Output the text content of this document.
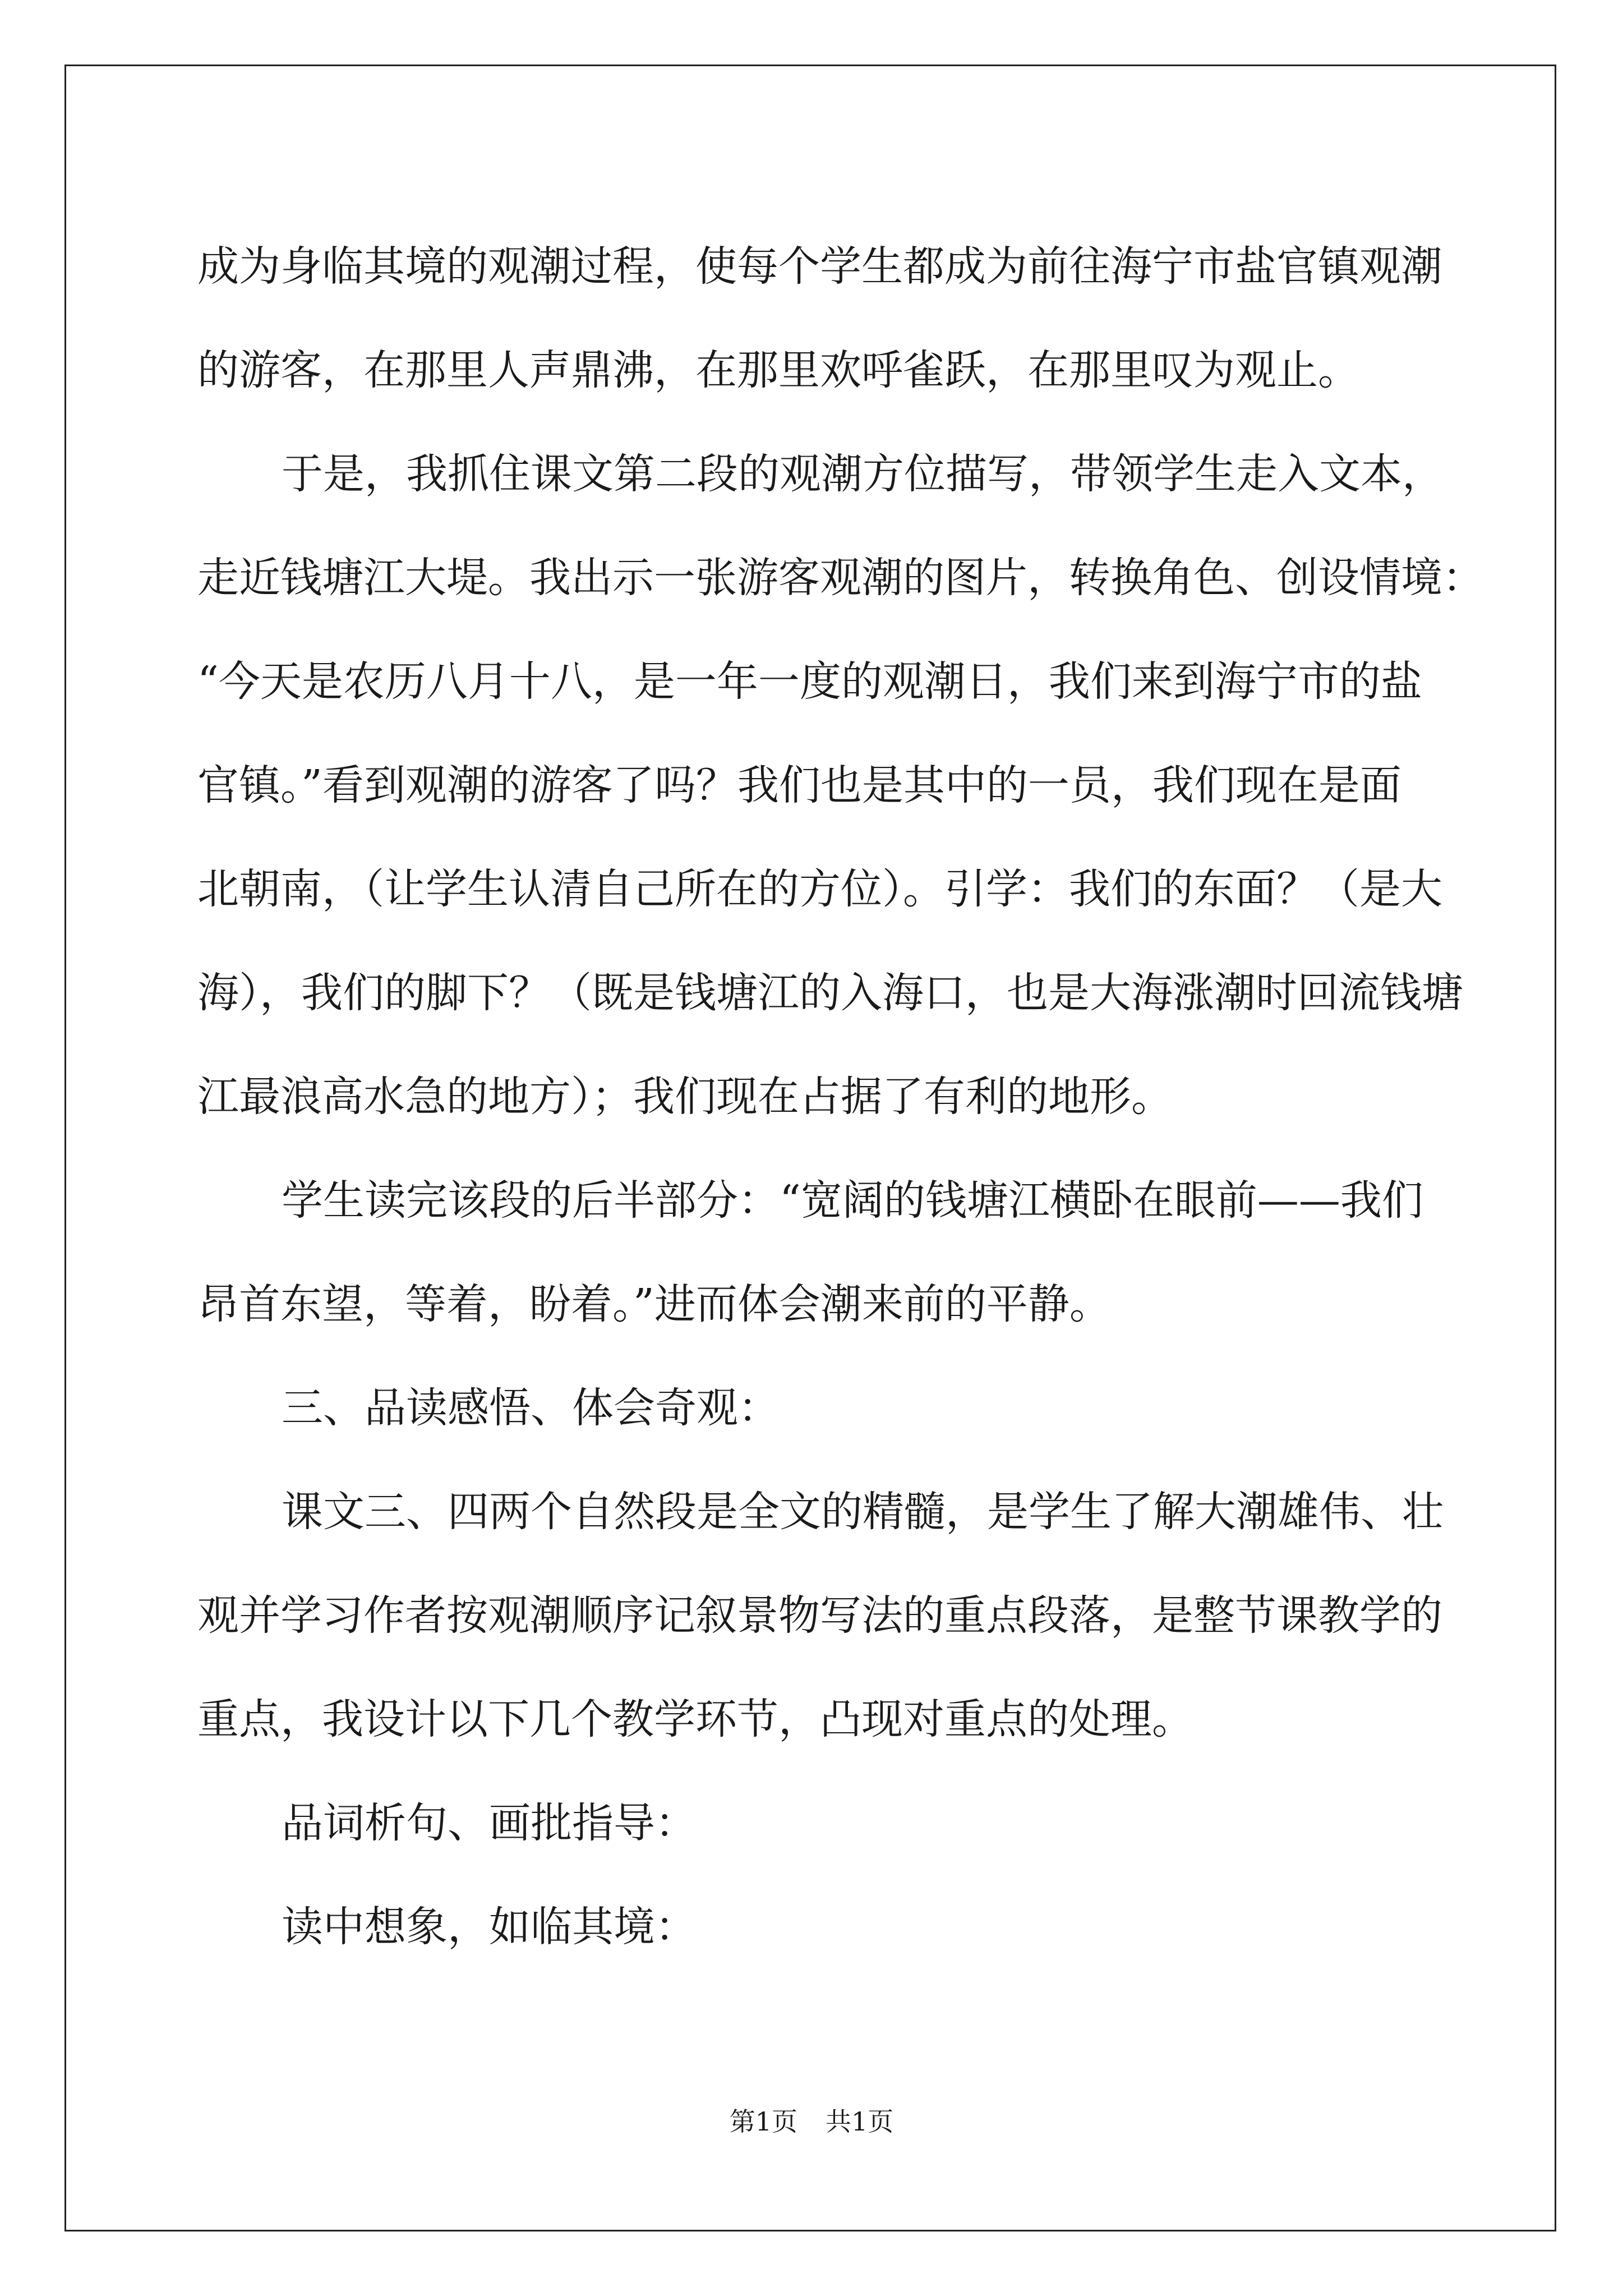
成为身临其境的观潮过程，使每个学生都成为前往海宁市盐官镇观潮
的游客，在那里人声鼎沸，在那里欢呼雀跃，在那里叹为观止。
于是，我抓住课文第二段的观潮方位描写，带领学生走入文本，
走近钱塘江大堤。我出示一张游客观潮的图片，转换角色、创设情境：
“今天是农历八月十八，是一年一度的观潮日，我们来到海宁市的盐
官镇。”看到观潮的游客了吗？我们也是其中的一员，我们现在是面
北朝南，（让学生认清自己所在的方位）。引学：我们的东面？（是大
海），我们的脚下？（既是钱塘江的入海口，也是大海涨潮时回流钱塘
江最浪高水急的地方）；我们现在占据了有利的地形。
学生读完该段的后半部分：“宽阔的钱塘江横卧在眼前——我们
昂首东望，等着，盼着。”进而体会潮来前的平静。
三、品读感悟、体会奇观：
课文三、四两个自然段是全文的精髓，是学生了解大潮雄伟、壮
观并学习作者按观潮顺序记叙景物写法的重点段落，是整节课教学的
重点，我设计以下几个教学环节，凸现对重点的处理。
品词析句、画批指导：
读中想象，如临其境：
第1页 共1页
